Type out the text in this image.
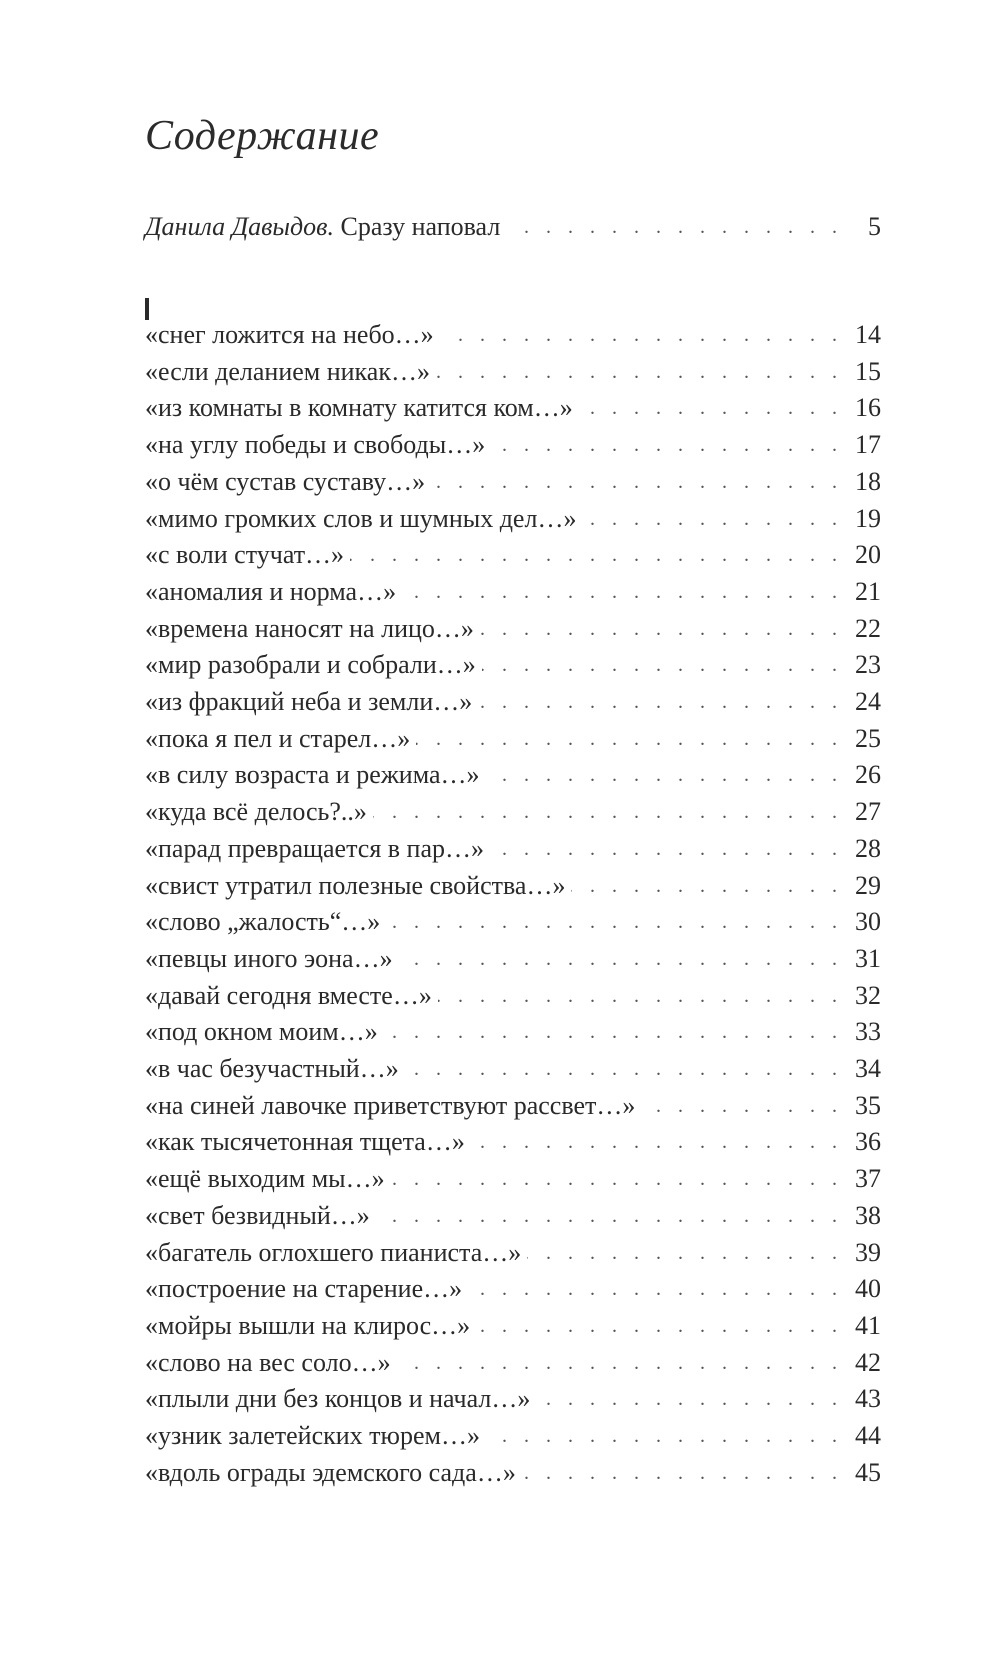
Содержание
Данила Давыдов. Сразу наповал . . .	5
«снег ложится на небо…» . . .	14
«если деланием никак…» . . .	15
«из комнаты в комнату катится ком…» . . .	16
«на углу победы и свободы…» . . .	17
«о чём сустав суставу…» . . .	18
«мимо громких слов и шумных дел…» . . .	19
«с воли стучат…» . . .	20
«аномалия и норма…» . . .	21
«времена наносят на лицо…» . . .	22
«мир разобрали и собрали…» . . .	23
«из фракций неба и земли…» . . .	24
«пока я пел и старел…» . . .	25
«в силу возраста и режима…» . . .	26
«куда всё делось?..» . . .	27
«парад превращается в пар…» . . .	28
«свист утратил полезные свойства…» . . .	29
«слово „жалость“…» . . .	30
«певцы иного эона…» . . .	31
«давай сегодня вместе…» . . .	32
«под окном моим…» . . .	33
«в час безучастный…» . . .	34
«на синей лавочке приветствуют рассвет…» . . .	35
«как тысячетонная тщета…» . . .	36
«ещё выходим мы…» . . .	37
«свет безвидный…» . . .	38
«багатель оглохшего пианиста…» . . .	39
«построение на старение…» . . .	40
«мойры вышли на клирос…» . . .	41
«слово на вес соло…» . . .	42
«плыли дни без концов и начал…» . . .	43
«узник залетейских тюрем…» . . .	44
«вдоль ограды эдемского сада…» . . .	45
